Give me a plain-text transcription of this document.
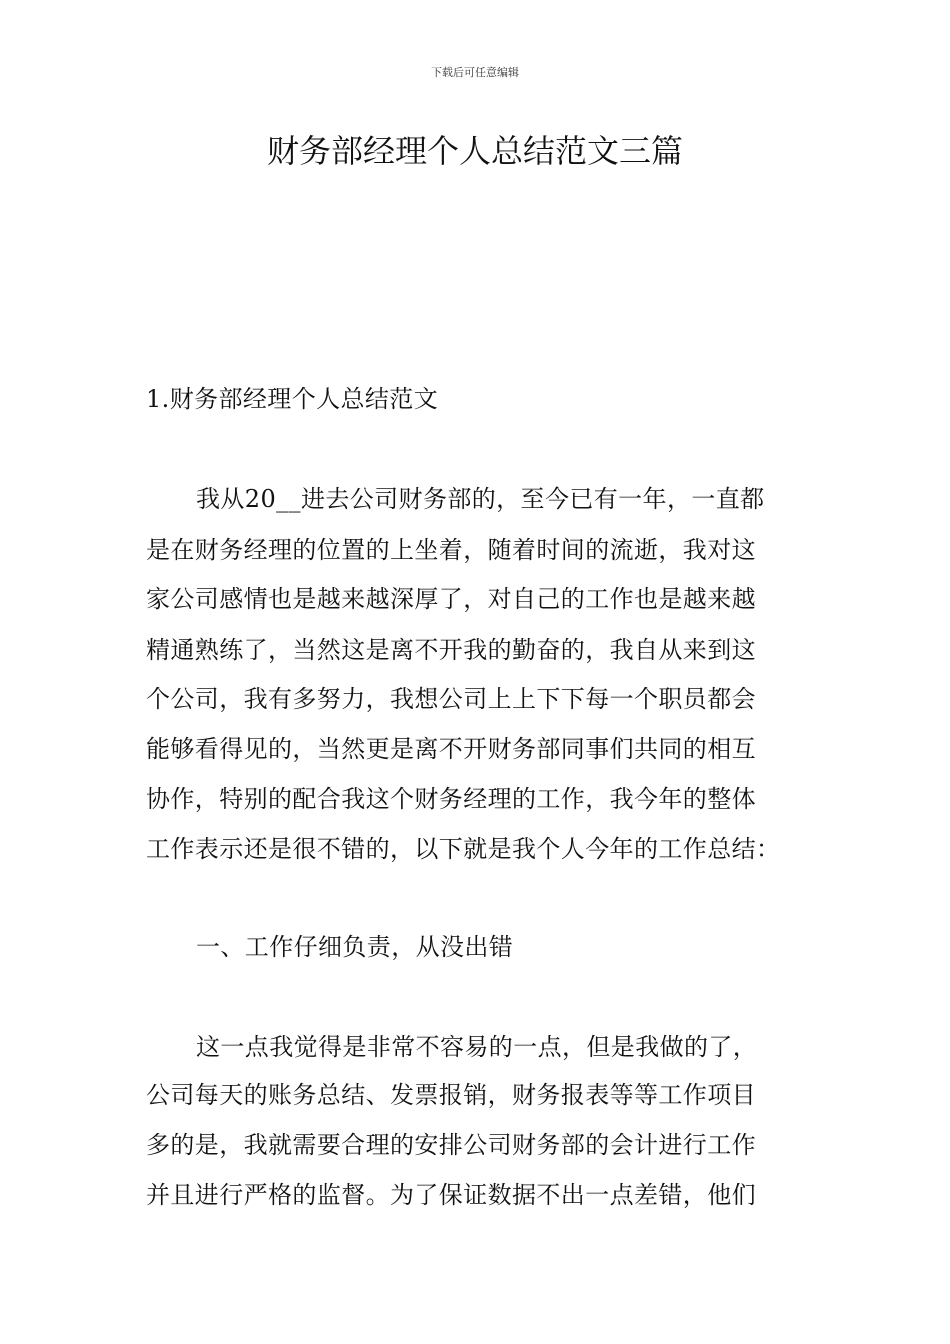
下载后可任意编辑
财务部经理个人总结范文三篇
1.财务部经理个人总结范文
我从20__进去公司财务部的，至今已有一年，一直都
是在财务经理的位置的上坐着，随着时间的流逝，我对这
家公司感情也是越来越深厚了，对自己的工作也是越来越
精通熟练了，当然这是离不开我的勤奋的，我自从来到这
个公司，我有多努力，我想公司上上下下每一个职员都会
能够看得见的，当然更是离不开财务部同事们共同的相互
协作，特别的配合我这个财务经理的工作，我今年的整体
工作表示还是很不错的，以下就是我个人今年的工作总结：
一、工作仔细负责，从没出错
这一点我觉得是非常不容易的一点，但是我做的了，
公司每天的账务总结、发票报销，财务报表等等工作项目
多的是，我就需要合理的安排公司财务部的会计进行工作
并且进行严格的监督。为了保证数据不出一点差错，他们
